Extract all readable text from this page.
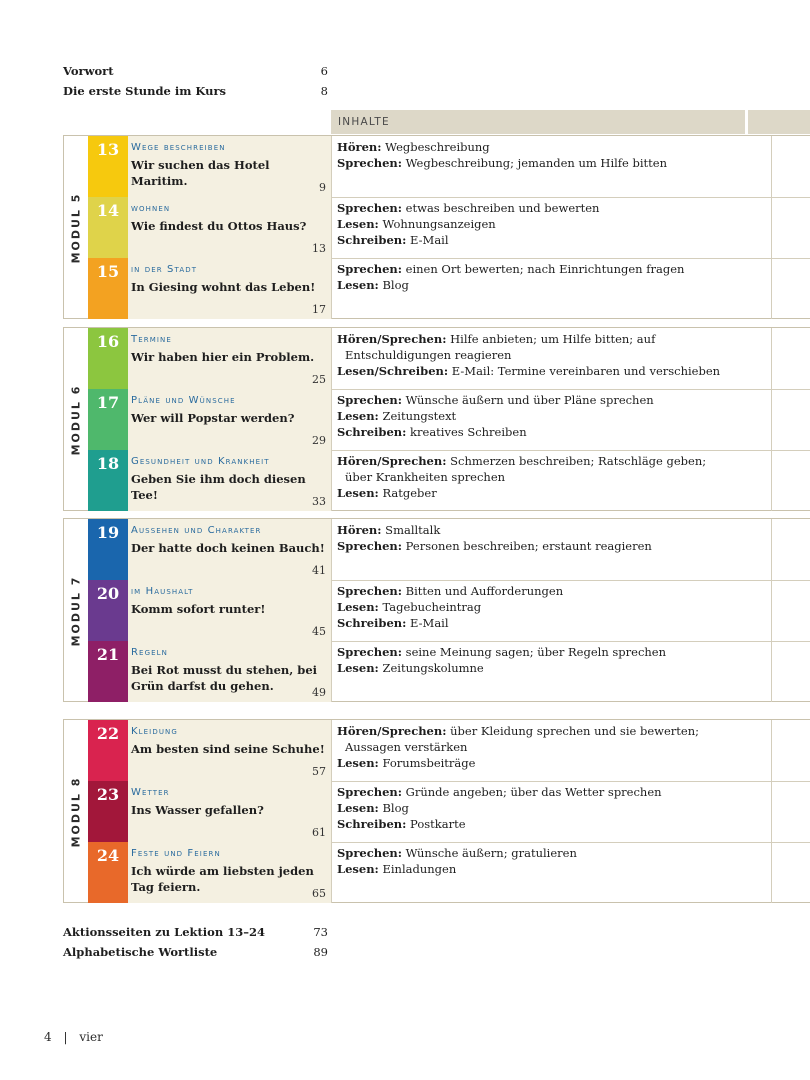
Vorwort	6
Die erste Stunde im Kurs	8
INHALTE
MODUL 5
13	Wege beschreiben
Wir suchen das Hotel Maritim.	9
Hören: Wegbeschreibung
Sprechen: Wegbeschreibung; jemanden um Hilfe bitten
14	wohnen
Wie findest du Ottos Haus?
13
Sprechen: etwas beschreiben und bewerten
Lesen: Wohnungsanzeigen
Schreiben: E-Mail
15	in der Stadt
In Giesing wohnt das Leben!
17
Sprechen: einen Ort bewerten; nach Einrichtungen fragen
Lesen: Blog
MODUL 6
16	Termine
Wir haben hier ein Problem.
25
Hören/Sprechen: Hilfe anbieten; um Hilfe bitten; auf
Entschuldigungen reagieren
Lesen/Schreiben: E-Mail: Termine vereinbaren und verschieben
17	Pläne und Wünsche
Wer will Popstar werden?
29
Sprechen: Wünsche äußern und über Pläne sprechen
Lesen: Zeitungstext
Schreiben: kreatives Schreiben
18	Gesundheit und Krankheit
Geben Sie ihm doch diesen Tee!	33
Hören/Sprechen: Schmerzen beschreiben; Ratschläge geben;
über Krankheiten sprechen
Lesen: Ratgeber
MODUL 7
19	Aussehen und Charakter
Der hatte doch keinen Bauch!
41
Hören: Smalltalk
Sprechen: Personen beschreiben; erstaunt reagieren
20	im Haushalt
Komm sofort runter!
45
Sprechen: Bitten und Aufforderungen
Lesen: Tagebucheintrag
Schreiben: E-Mail
21	Regeln
Bei Rot musst du stehen, bei Grün darfst du gehen.	49
Sprechen: seine Meinung sagen; über Regeln sprechen
Lesen: Zeitungskolumne
MODUL 8
22	Kleidung
Am besten sind seine Schuhe!
57
Hören/Sprechen: über Kleidung sprechen und sie bewerten;
Aussagen verstärken
Lesen: Forumsbeiträge
23	Wetter
Ins Wasser gefallen?
61
Sprechen: Gründe angeben; über das Wetter sprechen
Lesen: Blog
Schreiben: Postkarte
24	Feste und Feiern
Ich würde am liebsten jeden Tag feiern.	65
Sprechen: Wünsche äußern; gratulieren
Lesen: Einladungen
Aktionsseiten zu Lektion 13–24	73
Alphabetische Wortliste	89
4 | vier
